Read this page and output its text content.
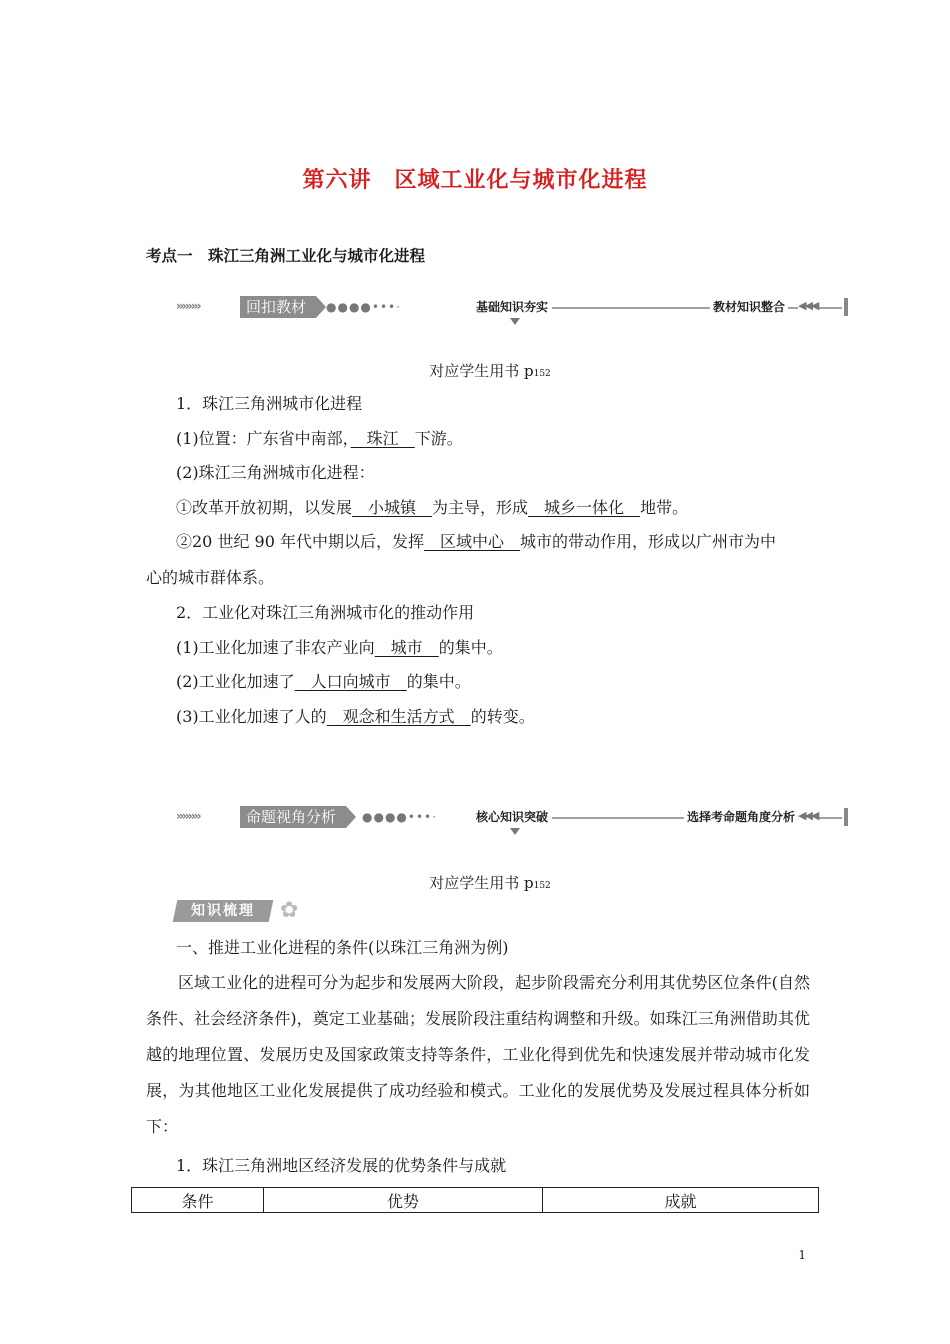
第六讲　区域工业化与城市化进程
考点一　珠江三角洲工业化与城市化进程
››››››››	回扣教材	●●●●•••·	基础知识夯实	教材知识整合 ◀◀◀
对应学生用书 p152
1．珠江三角洲城市化进程
(1)位置：广东省中南部，　珠江　下游。
(2)珠江三角洲城市化进程：
①改革开放初期，以发展　小城镇　为主导，形成　城乡一体化　地带。
②20 世纪 90 年代中期以后，发挥　区域中心　城市的带动作用，形成以广州市为中
心的城市群体系。
2．工业化对珠江三角洲城市化的推动作用
(1)工业化加速了非农产业向　城市　的集中。
(2)工业化加速了　人口向城市　的集中。
(3)工业化加速了人的　观念和生活方式　的转变。
››››››››	命题视角分析	●●●●•••·	核心知识突破	选择考命题角度分析 ◀◀◀
对应学生用书 p152
知识梳理	✿
一、推进工业化进程的条件(以珠江三角洲为例)
区域工业化的进程可分为起步和发展两大阶段，起步阶段需充分利用其优势区位条件(自然条件、社会经济条件)，奠定工业基础；发展阶段注重结构调整和升级。如珠江三角洲借助其优越的地理位置、发展历史及国家政策支持等条件，工业化得到优先和快速发展并带动城市化发展，为其他地区工业化发展提供了成功经验和模式。工业化的发展优势及发展过程具体分析如下：
1．珠江三角洲地区经济发展的优势条件与成就
条件	优势	成就
1
